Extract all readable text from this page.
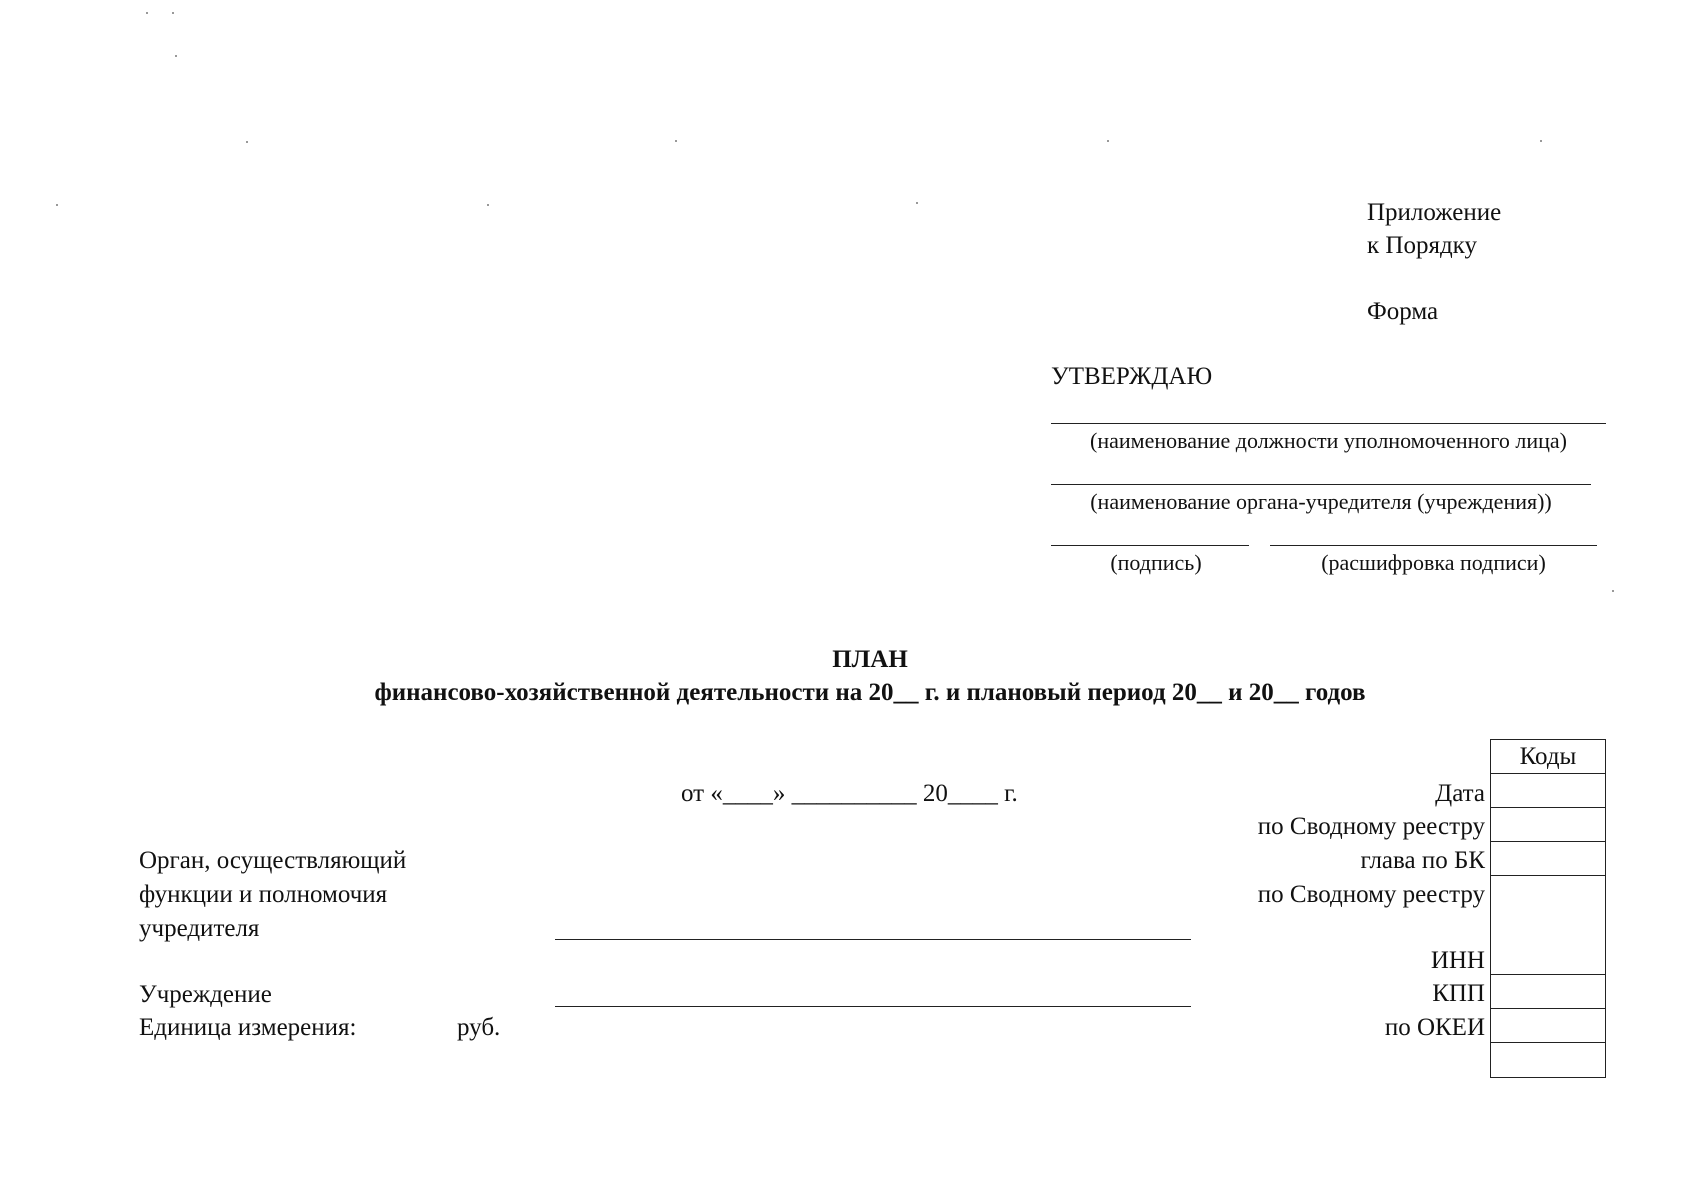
Приложение
к Порядку
Форма
УТВЕРЖДАЮ
(наименование должности уполномоченного лица)
(наименование органа-учредителя (учреждения))
(подпись)	(расшифровка подписи)
ПЛАН
финансово-хозяйственной деятельности на 20__ г. и плановый период 20__ и 20__ годов
от «____» __________ 20____ г.
Орган, осуществляющий
функции и полномочия
учредителя
Учреждение
Единица измерения:	руб.
Дата
по Сводному реестру
глава по БК
по Сводному реестру
ИНН
КПП
по ОКЕИ
Коды
